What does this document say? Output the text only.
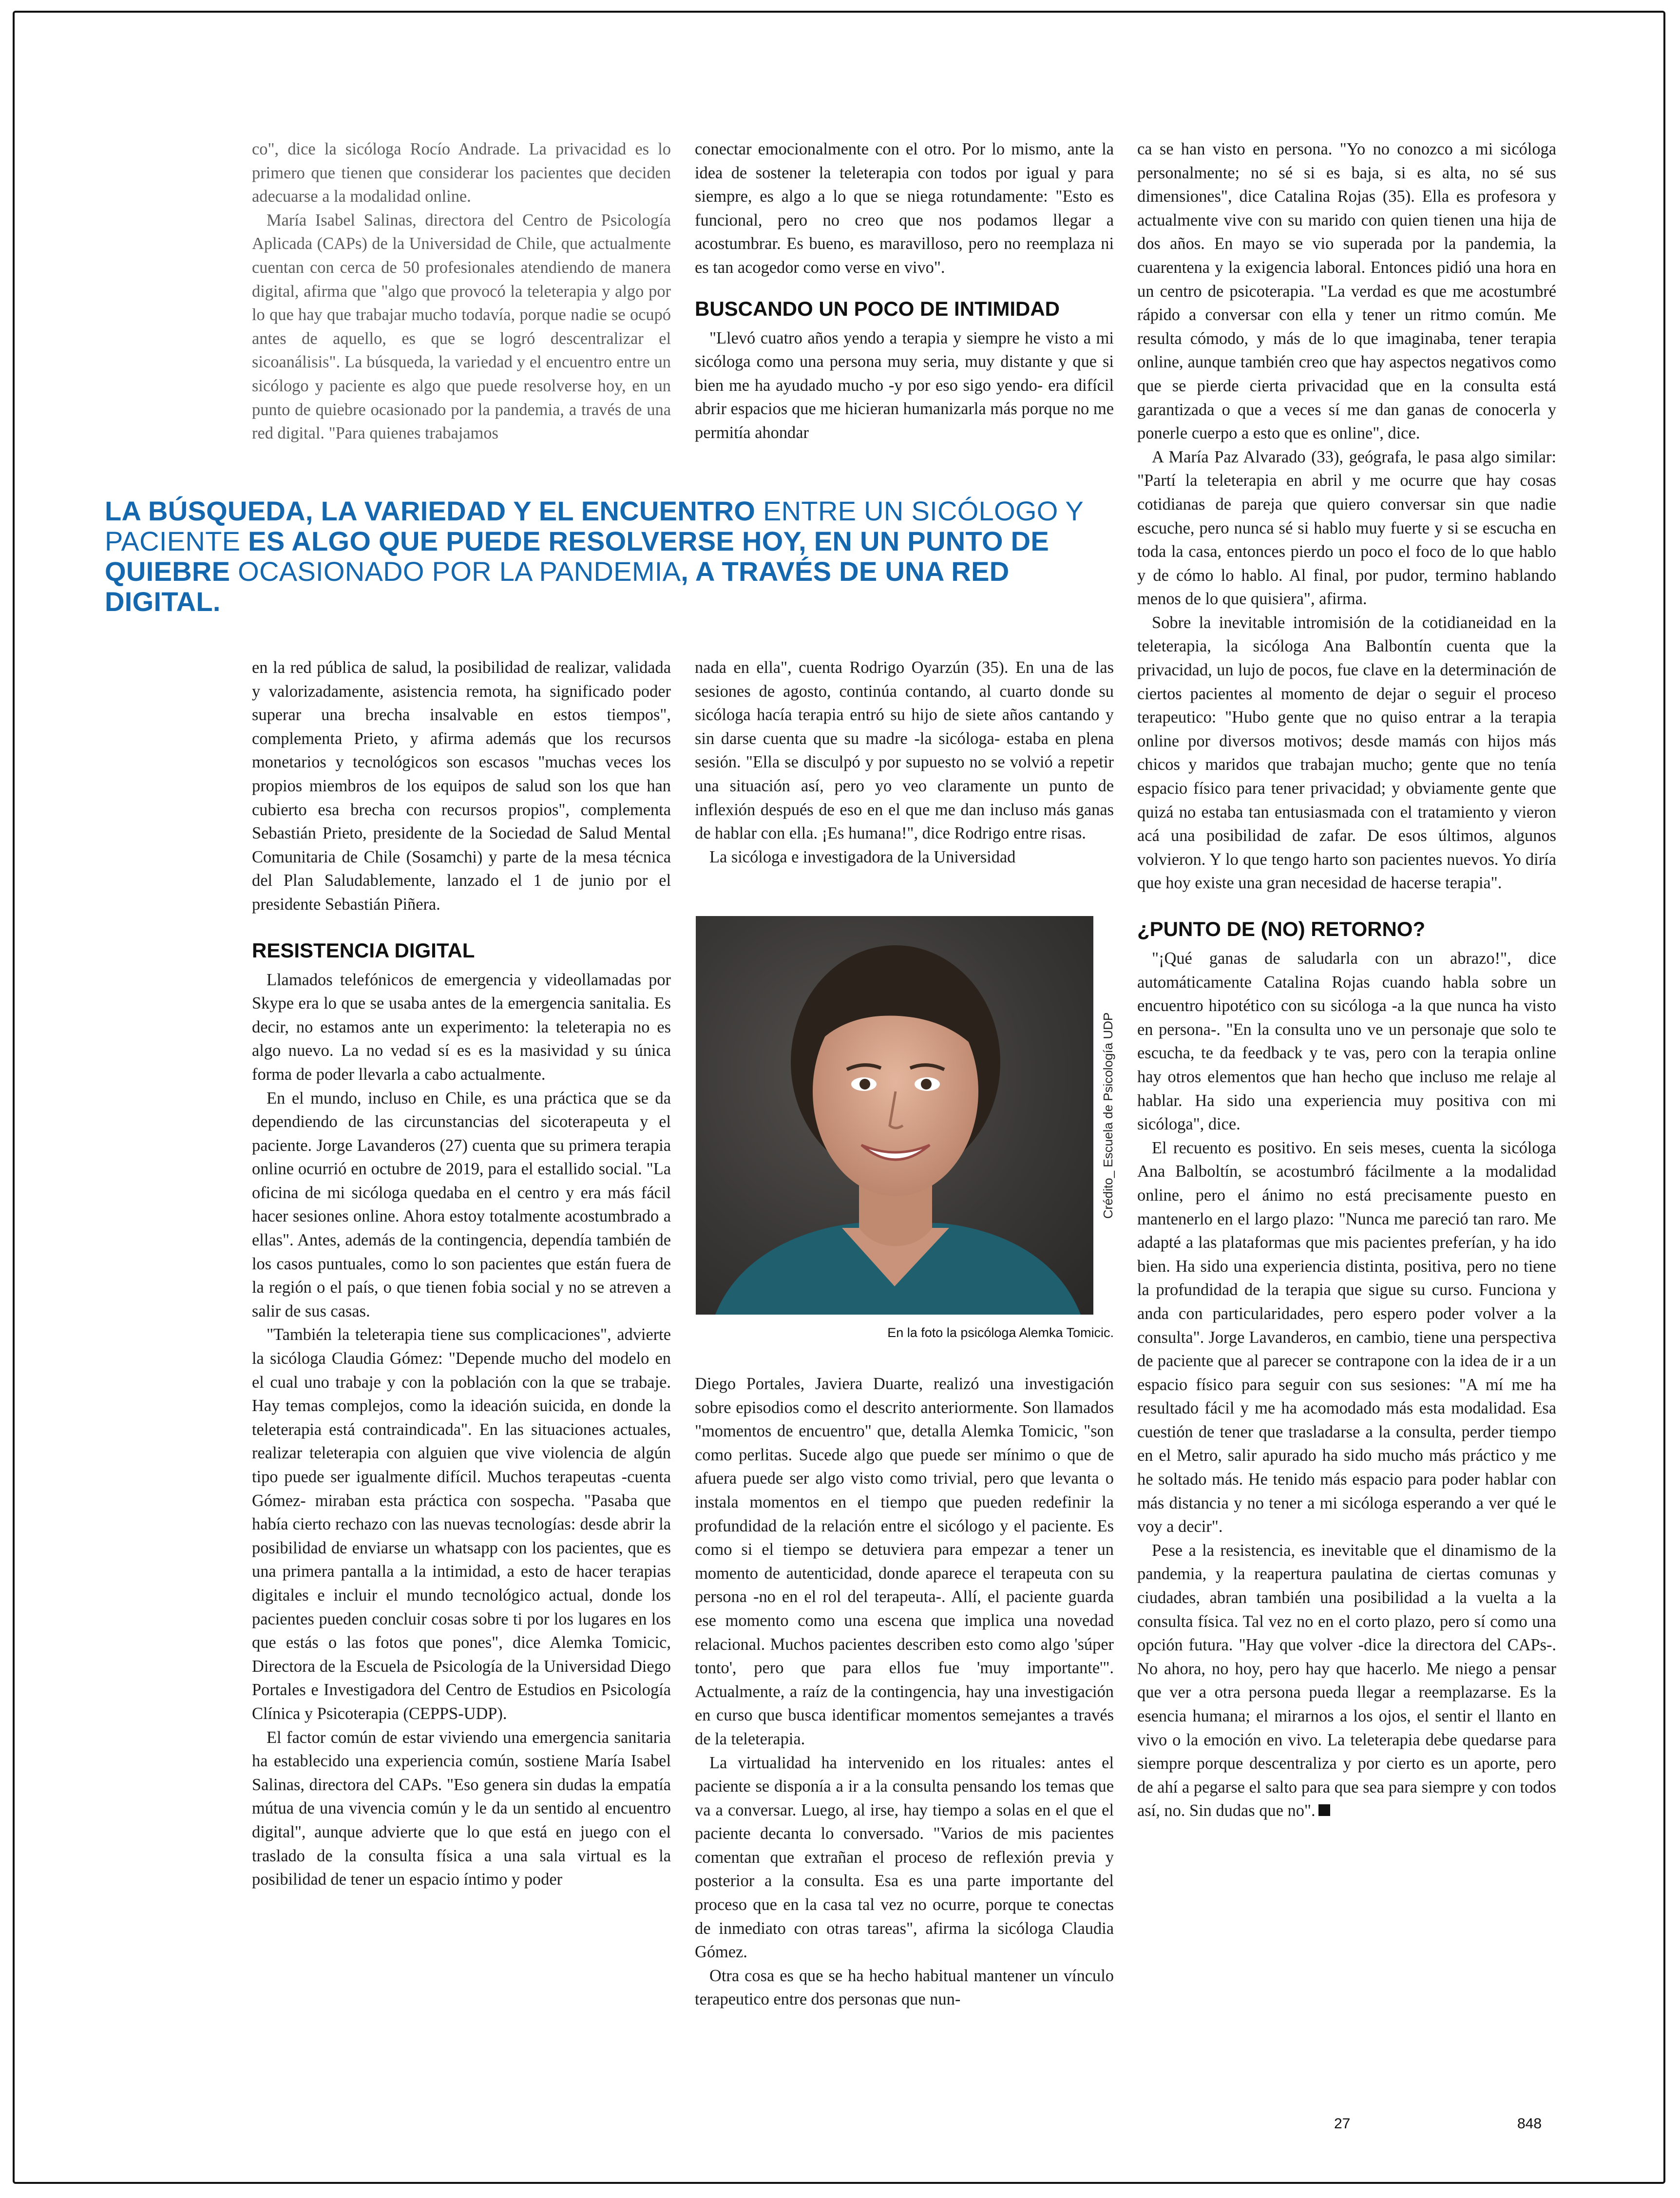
co", dice la sicóloga Rocío Andrade. La privacidad es lo primero que tienen que considerar los pacientes que deciden adecuarse a la modalidad online.

María Isabel Salinas, directora del Centro de Psicología Aplicada (CAPs) de la Universidad de Chile, que actualmente cuentan con cerca de 50 profesionales atendiendo de manera digital, afirma que "algo que provocó la teleterapia y algo por lo que hay que trabajar mucho todavía, porque nadie se ocupó antes de aquello, es que se logró descentralizar el sicoanálisis". La búsqueda, la variedad y el encuentro entre un sicólogo y paciente es algo que puede resolverse hoy, en un punto de quiebre ocasionado por la pandemia, a través de una red digital. "Para quienes trabajamos

conectar emocionalmente con el otro. Por lo mismo, ante la idea de sostener la teleterapia con todos por igual y para siempre, es algo a lo que se niega rotundamente: "Esto es funcional, pero no creo que nos podamos llegar a acostumbrar. Es bueno, es maravilloso, pero no reemplaza ni es tan acogedor como verse en vivo".

BUSCANDO UN POCO DE INTIMIDAD

"Llevó cuatro años yendo a terapia y siempre he visto a mi sicóloga como una persona muy seria, muy distante y que si bien me ha ayudado mucho -y por eso sigo yendo- era difícil abrir espacios que me hicieran humanizarla más porque no me permitía ahondar

ca se han visto en persona. "Yo no conozco a mi sicóloga personalmente; no sé si es baja, si es alta, no sé sus dimensiones", dice Catalina Rojas (35). Ella es profesora y actualmente vive con su marido con quien tienen una hija de dos años. En mayo se vio superada por la pandemia, la cuarentena y la exigencia laboral. Entonces pidió una hora en un centro de psicoterapia. "La verdad es que me acostumbré rápido a conversar con ella y tener un ritmo común. Me resulta cómodo, y más de lo que imaginaba, tener terapia online, aunque también creo que hay aspectos negativos como que se pierde cierta privacidad que en la consulta está garantizada o que a veces sí me dan ganas de conocerla y ponerle cuerpo a esto que es online", dice.

A María Paz Alvarado (33), geógrafa, le pasa algo similar: "Partí la teleterapia en abril y me ocurre que hay cosas cotidianas de pareja que quiero conversar sin que nadie escuche, pero nunca sé si hablo muy fuerte y si se escucha en toda la casa, entonces pierdo un poco el foco de lo que hablo y de cómo lo hablo. Al final, por pudor, termino hablando menos de lo que quisiera", afirma.

Sobre la inevitable intromisión de la cotidianeidad en la teleterapia, la sicóloga Ana Balbontín cuenta que la privacidad, un lujo de pocos, fue clave en la determinación de ciertos pacientes al momento de dejar o seguir el proceso terapeutico: "Hubo gente que no quiso entrar a la terapia online por diversos motivos; desde mamás con hijos más chicos y maridos que trabajan mucho; gente que no tenía espacio físico para tener privacidad; y obviamente gente que quizá no estaba tan entusiasmada con el tratamiento y vieron acá una posibilidad de zafar. De esos últimos, algunos volvieron. Y lo que tengo harto son pacientes nuevos. Yo diría que hoy existe una gran necesidad de hacerse terapia".

¿PUNTO DE (NO) RETORNO?

"¡Qué ganas de saludarla con un abrazo!", dice automáticamente Catalina Rojas cuando habla sobre un encuentro hipotético con su sicóloga -a la que nunca ha visto en persona-. "En la consulta uno ve un personaje que solo te escucha, te da feedback y te vas, pero con la terapia online hay otros elementos que han hecho que incluso me relaje al hablar. Ha sido una experiencia muy positiva con mi sicóloga", dice.

El recuento es positivo. En seis meses, cuenta la sicóloga Ana Balboltín, se acostumbró fácilmente a la modalidad online, pero el ánimo no está precisamente puesto en mantenerlo en el largo plazo: "Nunca me pareció tan raro. Me adapté a las plataformas que mis pacientes preferían, y ha ido bien. Ha sido una experiencia distinta, positiva, pero no tiene la profundidad de la terapia que sigue su curso. Funciona y anda con particularidades, pero espero poder volver a la consulta". Jorge Lavanderos, en cambio, tiene una perspectiva de paciente que al parecer se contrapone con la idea de ir a un espacio físico para seguir con sus sesiones: "A mí me ha resultado fácil y me ha acomodado más esta modalidad. Esa cuestión de tener que trasladarse a la consulta, perder tiempo en el Metro, salir apurado ha sido mucho más práctico y me he soltado más. He tenido más espacio para poder hablar con más distancia y no tener a mi sicóloga esperando a ver qué le voy a decir".

Pese a la resistencia, es inevitable que el dinamismo de la pandemia, y la reapertura paulatina de ciertas comunas y ciudades, abran también una posibilidad a la vuelta a la consulta física. Tal vez no en el corto plazo, pero sí como una opción futura. "Hay que volver -dice la directora del CAPs-. No ahora, no hoy, pero hay que hacerlo. Me niego a pensar que ver a otra persona pueda llegar a reemplazarse. Es la esencia humana; el mirarnos a los ojos, el sentir el llanto en vivo o la emoción en vivo. La teleterapia debe quedarse para siempre porque descentraliza y por cierto es un aporte, pero de ahí a pegarse el salto para que sea para siempre y con todos así, no. Sin dudas que no".

LA BÚSQUEDA, LA VARIEDAD Y EL ENCUENTRO ENTRE UN SICÓLOGO Y PACIENTE ES ALGO QUE PUEDE RESOLVERSE HOY, EN UN PUNTO DE QUIEBRE OCASIONADO POR LA PANDEMIA, A TRAVÉS DE UNA RED DIGITAL.

en la red pública de salud, la posibilidad de realizar, validada y valorizadamente, asistencia remota, ha significado poder superar una brecha insalvable en estos tiempos", complementa Prieto, y afirma además que los recursos monetarios y tecnológicos son escasos "muchas veces los propios miembros de los equipos de salud son los que han cubierto esa brecha con recursos propios", complementa Sebastián Prieto, presidente de la Sociedad de Salud Mental Comunitaria de Chile (Sosamchi) y parte de la mesa técnica del Plan Saludablemente, lanzado el 1 de junio por el presidente Sebastián Piñera.

RESISTENCIA DIGITAL

Llamados telefónicos de emergencia y videollamadas por Skype era lo que se usaba antes de la emergencia sanitalia. Es decir, no estamos ante un experimento: la teleterapia no es algo nuevo. La no vedad sí es es la masividad y su única forma de poder llevarla a cabo actualmente.

En el mundo, incluso en Chile, es una práctica que se da dependiendo de las circunstancias del sicoterapeuta y el paciente. Jorge Lavanderos (27) cuenta que su primera terapia online ocurrió en octubre de 2019, para el estallido social. "La oficina de mi sicóloga quedaba en el centro y era más fácil hacer sesiones online. Ahora estoy totalmente acostumbrado a ellas". Antes, además de la contingencia, dependía también de los casos puntuales, como lo son pacientes que están fuera de la región o el país, o que tienen fobia social y no se atreven a salir de sus casas.

"También la teleterapia tiene sus complicaciones", advierte la sicóloga Claudia Gómez: "Depende mucho del modelo en el cual uno trabaje y con la población con la que se trabaje. Hay temas complejos, como la ideación suicida, en donde la teleterapia está contraindicada". En las situaciones actuales, realizar teleterapia con alguien que vive violencia de algún tipo puede ser igualmente difícil. Muchos terapeutas -cuenta Gómez- miraban esta práctica con sospecha. "Pasaba que había cierto rechazo con las nuevas tecnologías: desde abrir la posibilidad de enviarse un whatsapp con los pacientes, que es una primera pantalla a la intimidad, a esto de hacer terapias digitales e incluir el mundo tecnológico actual, donde los pacientes pueden concluir cosas sobre ti por los lugares en los que estás o las fotos que pones", dice Alemka Tomicic, Directora de la Escuela de Psicología de la Universidad Diego Portales e Investigadora del Centro de Estudios en Psicología Clínica y Psicoterapia (CEPPS-UDP).

El factor común de estar viviendo una emergencia sanitaria ha establecido una experiencia común, sostiene María Isabel Salinas, directora del CAPs. "Eso genera sin dudas la empatía mútua de una vivencia común y le da un sentido al encuentro digital", aunque advierte que lo que está en juego con el traslado de la consulta física a una sala virtual es la posibilidad de tener un espacio íntimo y poder

nada en ella", cuenta Rodrigo Oyarzún (35). En una de las sesiones de agosto, continúa contando, al cuarto donde su sicóloga hacía terapia entró su hijo de siete años cantando y sin darse cuenta que su madre -la sicóloga- estaba en plena sesión. "Ella se disculpó y por supuesto no se volvió a repetir una situación así, pero yo veo claramente un punto de inflexión después de eso en el que me dan incluso más ganas de hablar con ella. ¡Es humana!", dice Rodrigo entre risas.

La sicóloga e investigadora de la Universidad

Crédito_ Escuela de Psicología UDP
En la foto la psicóloga Alemka Tomicic.

Diego Portales, Javiera Duarte, realizó una investigación sobre episodios como el descrito anteriormente. Son llamados "momentos de encuentro" que, detalla Alemka Tomicic, "son como perlitas. Sucede algo que puede ser mínimo o que de afuera puede ser algo visto como trivial, pero que levanta o instala momentos en el tiempo que pueden redefinir la profundidad de la relación entre el sicólogo y el paciente. Es como si el tiempo se detuviera para empezar a tener un momento de autenticidad, donde aparece el terapeuta con su persona -no en el rol del terapeuta-. Allí, el paciente guarda ese momento como una escena que implica una novedad relacional. Muchos pacientes describen esto como algo 'súper tonto', pero que para ellos fue 'muy importante'". Actualmente, a raíz de la contingencia, hay una investigación en curso que busca identificar momentos semejantes a través de la teleterapia.

La virtualidad ha intervenido en los rituales: antes el paciente se disponía a ir a la consulta pensando los temas que va a conversar. Luego, al irse, hay tiempo a solas en el que el paciente decanta lo conversado. "Varios de mis pacientes comentan que extrañan el proceso de reflexión previa y posterior a la consulta. Esa es una parte importante del proceso que en la casa tal vez no ocurre, porque te conectas de inmediato con otras tareas", afirma la sicóloga Claudia Gómez.

Otra cosa es que se ha hecho habitual mantener un vínculo terapeutico entre dos personas que nun-

27	848
